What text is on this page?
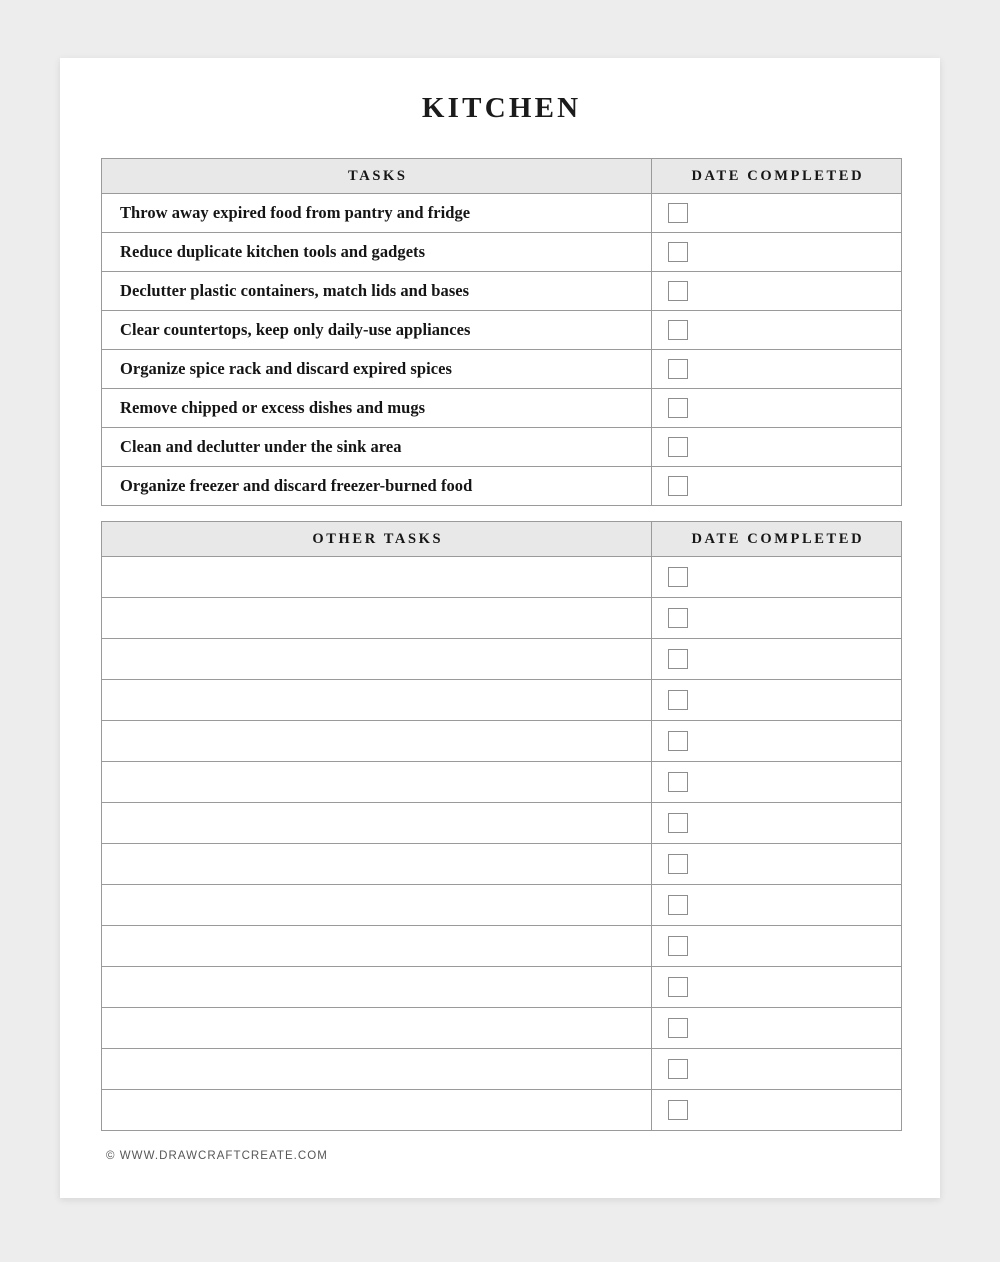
KITCHEN
TASKS	DATE COMPLETED
Throw away expired food from pantry and fridge	

Reduce duplicate kitchen tools and gadgets	

Declutter plastic containers, match lids and bases	

Clear countertops, keep only daily-use appliances	

Organize spice rack and discard expired spices	

Remove chipped or excess dishes and mugs	

Clean and declutter under the sink area	

Organize freezer and discard freezer-burned food	
OTHER TASKS	DATE COMPLETED

© WWW.DRAWCRAFTCREATE.COM
